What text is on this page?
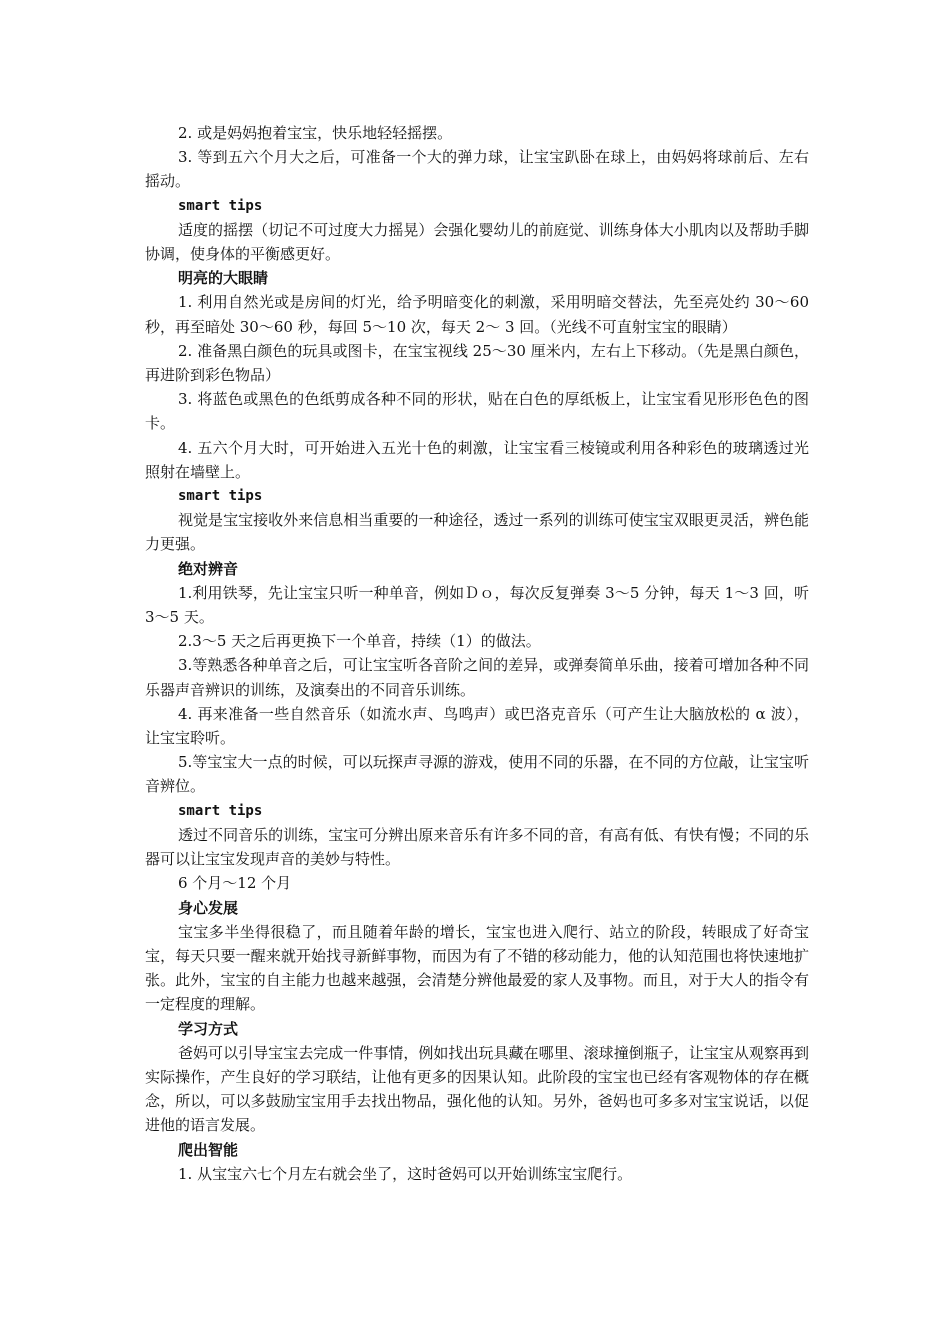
2. 或是妈妈抱着宝宝，快乐地轻轻摇摆。

3. 等到五六个月大之后，可准备一个大的弹力球，让宝宝趴卧在球上，由妈妈将球前后、左右摇动。

smart tips

适度的摇摆（切记不可过度大力摇晃）会强化婴幼儿的前庭觉、训练身体大小肌肉以及帮助手脚协调，使身体的平衡感更好。

明亮的大眼睛

1. 利用自然光或是房间的灯光，给予明暗变化的刺激，采用明暗交替法，先至亮处约 30～60 秒，再至暗处 30～60 秒，每回 5～10 次，每天 2～ 3 回。（光线不可直射宝宝的眼睛）

2. 准备黑白颜色的玩具或图卡，在宝宝视线 25～30 厘米内，左右上下移动。（先是黑白颜色，再进阶到彩色物品）

3. 将蓝色或黑色的色纸剪成各种不同的形状，贴在白色的厚纸板上，让宝宝看见形形色色的图卡。

4. 五六个月大时，可开始进入五光十色的刺激，让宝宝看三棱镜或利用各种彩色的玻璃透过光照射在墙壁上。

smart tips

视觉是宝宝接收外来信息相当重要的一种途径，透过一系列的训练可使宝宝双眼更灵活，辨色能力更强。

绝对辨音

1.利用铁琴，先让宝宝只听一种单音，例如Ｄｏ，每次反复弹奏 3～5 分钟，每天 1～3 回，听 3～5 天。

2.3～5 天之后再更换下一个单音，持续（1）的做法。

3.等熟悉各种单音之后，可让宝宝听各音阶之间的差异，或弹奏简单乐曲，接着可增加各种不同乐器声音辨识的训练，及演奏出的不同音乐训练。

4. 再来准备一些自然音乐（如流水声、鸟鸣声）或巴洛克音乐（可产生让大脑放松的 α 波），让宝宝聆听。

5.等宝宝大一点的时候，可以玩探声寻源的游戏，使用不同的乐器，在不同的方位敲，让宝宝听音辨位。

smart tips

透过不同音乐的训练，宝宝可分辨出原来音乐有许多不同的音，有高有低、有快有慢；不同的乐器可以让宝宝发现声音的美妙与特性。

6 个月～12 个月

身心发展

宝宝多半坐得很稳了，而且随着年龄的增长，宝宝也进入爬行、站立的阶段，转眼成了好奇宝宝，每天只要一醒来就开始找寻新鲜事物，而因为有了不错的移动能力，他的认知范围也将快速地扩张。此外，宝宝的自主能力也越来越强，会清楚分辨他最爱的家人及事物。而且，对于大人的指令有一定程度的理解。

学习方式

爸妈可以引导宝宝去完成一件事情，例如找出玩具藏在哪里、滚球撞倒瓶子，让宝宝从观察再到实际操作，产生良好的学习联结，让他有更多的因果认知。此阶段的宝宝也已经有客观物体的存在概念，所以，可以多鼓励宝宝用手去找出物品，强化他的认知。另外，爸妈也可多多对宝宝说话，以促进他的语言发展。

爬出智能

1. 从宝宝六七个月左右就会坐了，这时爸妈可以开始训练宝宝爬行。
